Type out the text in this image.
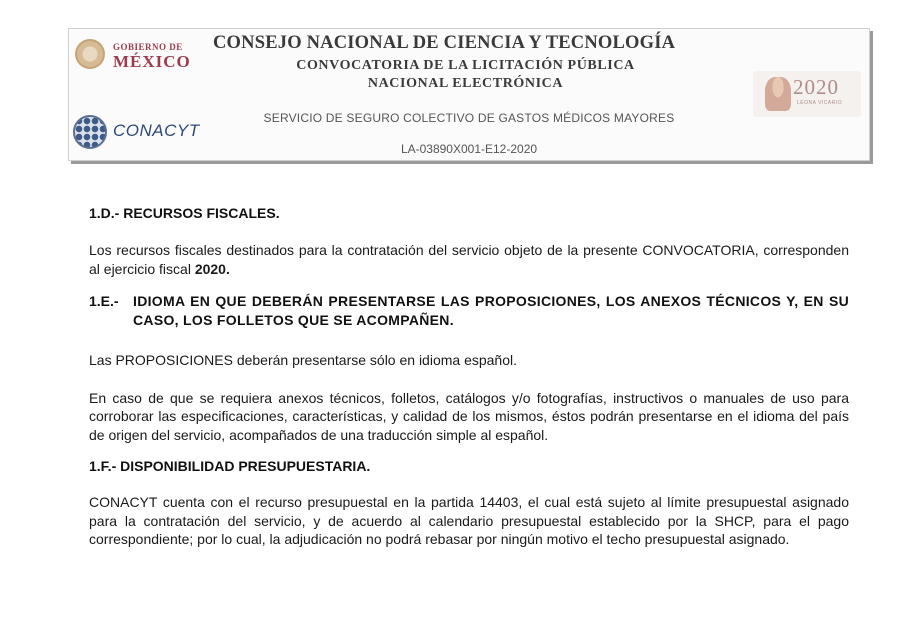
GOBIERNO DE
MÉXICO
CONSEJO NACIONAL DE CIENCIA Y TECNOLOGÍA
CONVOCATORIA DE LA LICITACIÓN PÚBLICA
NACIONAL ELECTRÓNICA
SERVICIO DE SEGURO COLECTIVO DE GASTOS MÉDICOS MAYORES
LA-03890X001-E12-2020
CONACYT
2020
LEONA VICARIO

1.D.- RECURSOS FISCALES.

Los recursos fiscales destinados para la contratación del servicio objeto de la presente CONVOCATORIA, corresponden al ejercicio fiscal 2020.

1.E.-	IDIOMA EN QUE DEBERÁN PRESENTARSE LAS PROPOSICIONES, LOS ANEXOS TÉCNICOS Y, EN SU CASO, LOS FOLLETOS QUE SE ACOMPAÑEN.

Las PROPOSICIONES deberán presentarse sólo en idioma español.

En caso de que se requiera anexos técnicos, folletos, catálogos y/o fotografías, instructivos o manuales de uso para corroborar las especificaciones, características, y calidad de los mismos, éstos podrán presentarse en el idioma del país de origen del servicio, acompañados de una traducción simple al español.

1.F.- DISPONIBILIDAD PRESUPUESTARIA.

CONACYT cuenta con el recurso presupuestal en la partida 14403, el cual está sujeto al límite presupuestal asignado para la contratación del servicio, y de acuerdo al calendario presupuestal establecido por la SHCP, para el pago correspondiente; por lo cual, la adjudicación no podrá rebasar por ningún motivo el techo presupuestal asignado.
